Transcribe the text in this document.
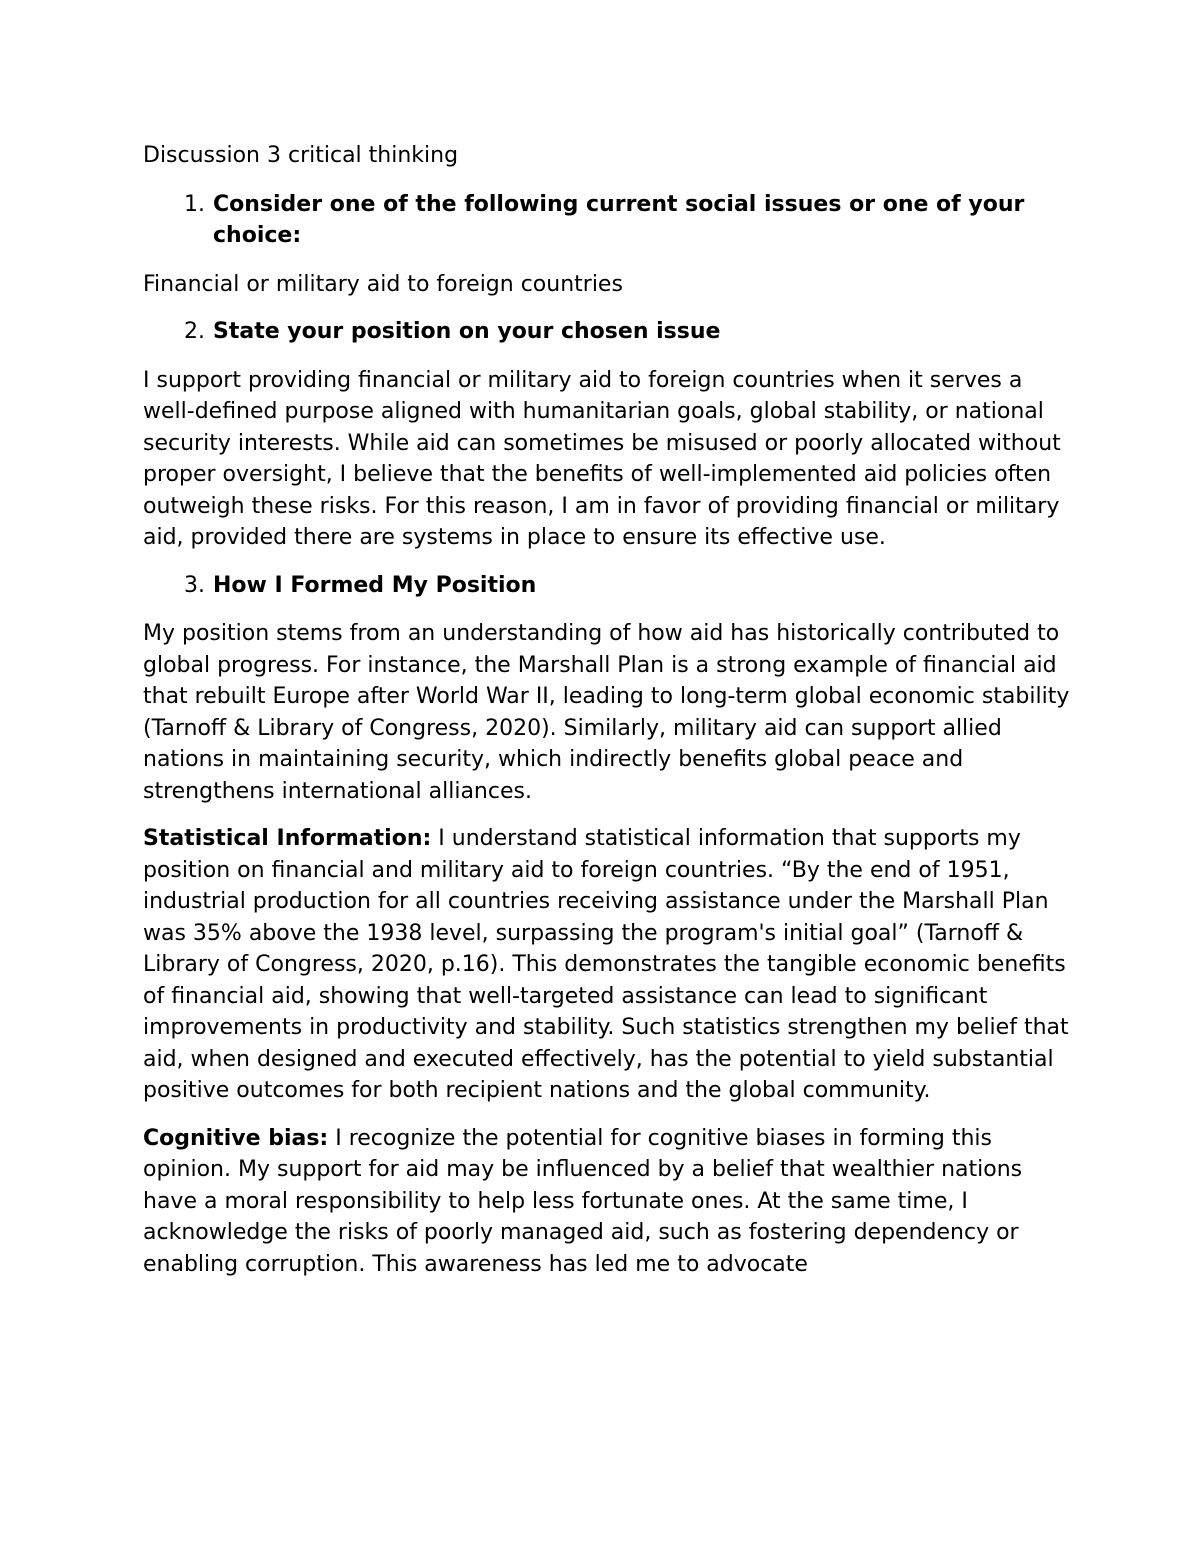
Discussion 3 critical thinking
1. Consider one of the following current social issues or one of your choice:
Financial or military aid to foreign countries
2. State your position on your chosen issue
I support providing financial or military aid to foreign countries when it serves a well-defined purpose aligned with humanitarian goals, global stability, or national security interests. While aid can sometimes be misused or poorly allocated without proper oversight, I believe that the benefits of well-implemented aid policies often outweigh these risks. For this reason, I am in favor of providing financial or military aid, provided there are systems in place to ensure its effective use.
3. How I Formed My Position
My position stems from an understanding of how aid has historically contributed to global progress. For instance, the Marshall Plan is a strong example of financial aid that rebuilt Europe after World War II, leading to long-term global economic stability (Tarnoff & Library of Congress, 2020). Similarly, military aid can support allied nations in maintaining security, which indirectly benefits global peace and strengthens international alliances.
Statistical Information: I understand statistical information that supports my position on financial and military aid to foreign countries. “By the end of 1951, industrial production for all countries receiving assistance under the Marshall Plan was 35% above the 1938 level, surpassing the program's initial goal” (Tarnoff & Library of Congress, 2020, p.16). This demonstrates the tangible economic benefits of financial aid, showing that well-targeted assistance can lead to significant improvements in productivity and stability. Such statistics strengthen my belief that aid, when designed and executed effectively, has the potential to yield substantial positive outcomes for both recipient nations and the global community.
Cognitive bias: I recognize the potential for cognitive biases in forming this opinion. My support for aid may be influenced by a belief that wealthier nations have a moral responsibility to help less fortunate ones. At the same time, I acknowledge the risks of poorly managed aid, such as fostering dependency or enabling corruption. This awareness has led me to advocate
